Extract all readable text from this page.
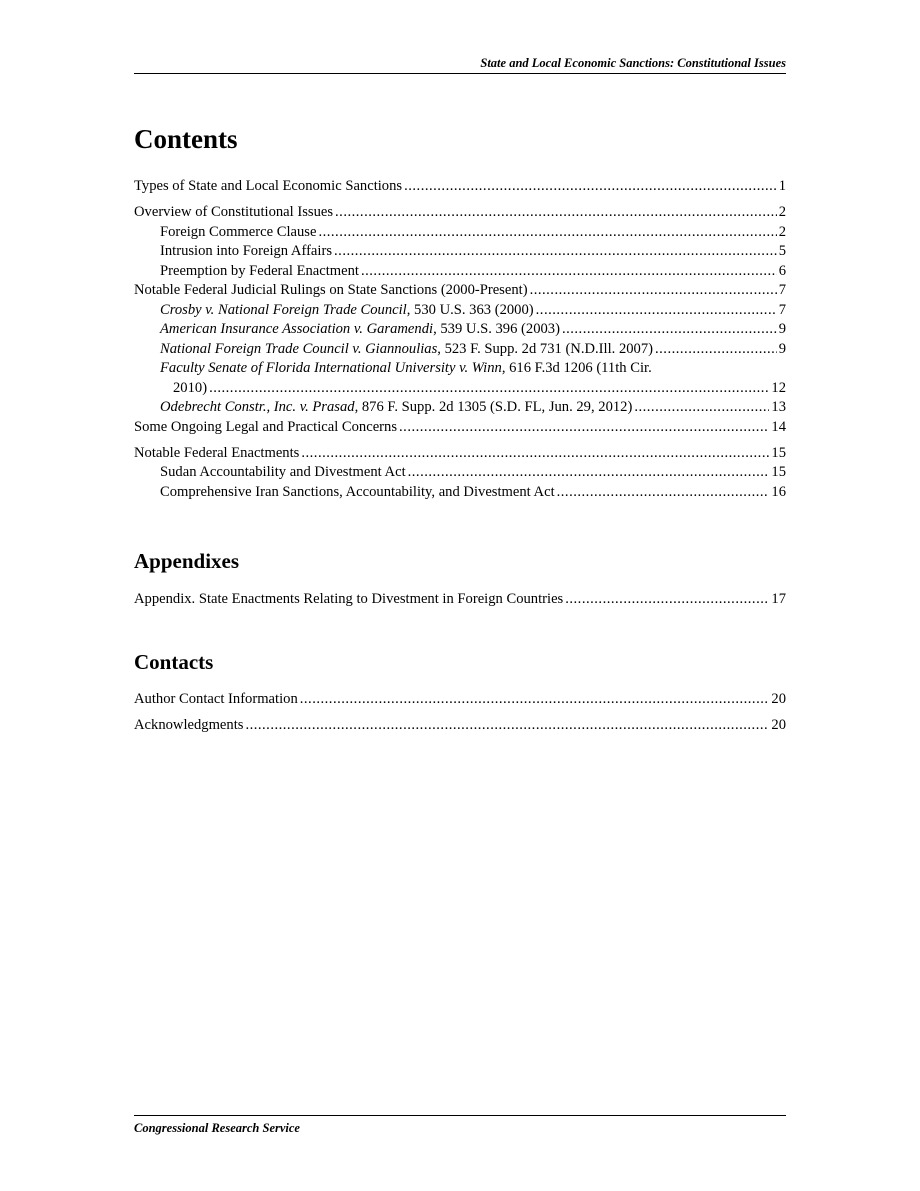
State and Local Economic Sanctions: Constitutional Issues
Contents
Types of State and Local Economic Sanctions .....	1
Overview of Constitutional Issues .....	2
Foreign Commerce Clause .....	2
Intrusion into Foreign Affairs .....	5
Preemption by Federal Enactment .....	6
Notable Federal Judicial Rulings on State Sanctions (2000-Present) .....	7
Crosby v. National Foreign Trade Council, 530 U.S. 363 (2000) .....	7
American Insurance Association v. Garamendi, 539 U.S. 396 (2003) .....	9
National Foreign Trade Council v. Giannoulias, 523 F. Supp. 2d 731 (N.D.Ill. 2007) .....	9
Faculty Senate of Florida International University v. Winn, 616 F.3d 1206 (11th Cir.
2010) .....	12
Odebrecht Constr., Inc. v. Prasad, 876 F. Supp. 2d 1305 (S.D. FL, Jun. 29, 2012) .....	13
Some Ongoing Legal and Practical Concerns .....	14
Notable Federal Enactments .....	15
Sudan Accountability and Divestment Act .....	15
Comprehensive Iran Sanctions, Accountability, and Divestment Act .....	16
Appendixes
Appendix. State Enactments Relating to Divestment in Foreign Countries .....	17
Contacts
Author Contact Information .....	20
Acknowledgments .....	20
Congressional Research Service
